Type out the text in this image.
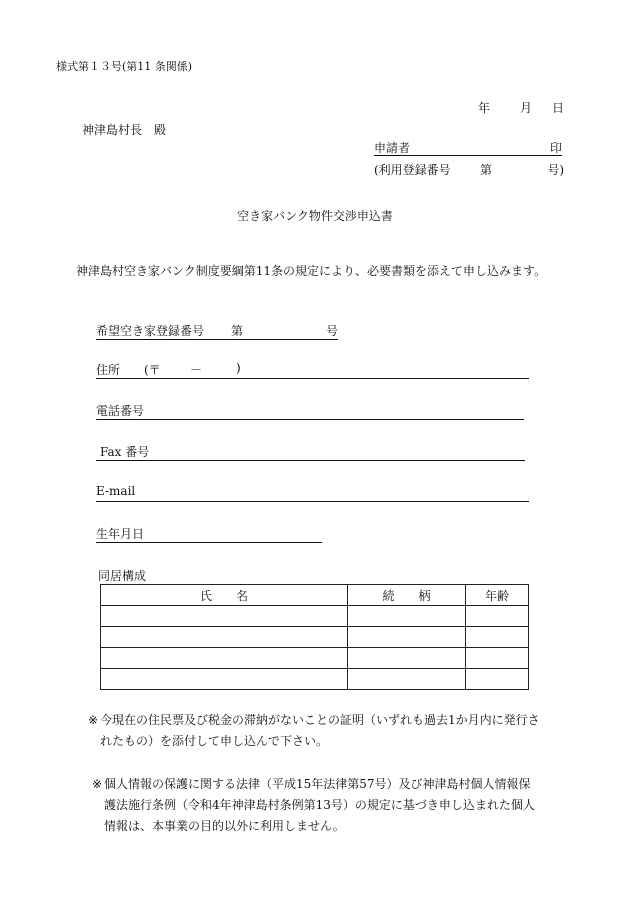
様式第１３号(第11 条関係)
年	月 日
神津島村長　殿
申請者	印
(利用登録番号 第	号)
空き家バンク物件交渉申込書
神津島村空き家バンク制度要綱第11条の規定により、必要書類を添えて申し込みます。
希望空き家登録番号 第	号
住所 (〒 －	)
電話番号
Fax 番号
E-mail
生年月日
同居構成
氏　　名	続　　柄	年齢

※ 今現在の住民票及び税金の滞納がないことの証明（いずれも過去1か月内に発行さ
れたもの）を添付して申し込んで下さい。
※ 個人情報の保護に関する法律（平成15年法律第57号）及び神津島村個人情報保
護法施行条例（令和4年神津島村条例第13号）の規定に基づき申し込まれた個人
情報は、本事業の目的以外に利用しません。
